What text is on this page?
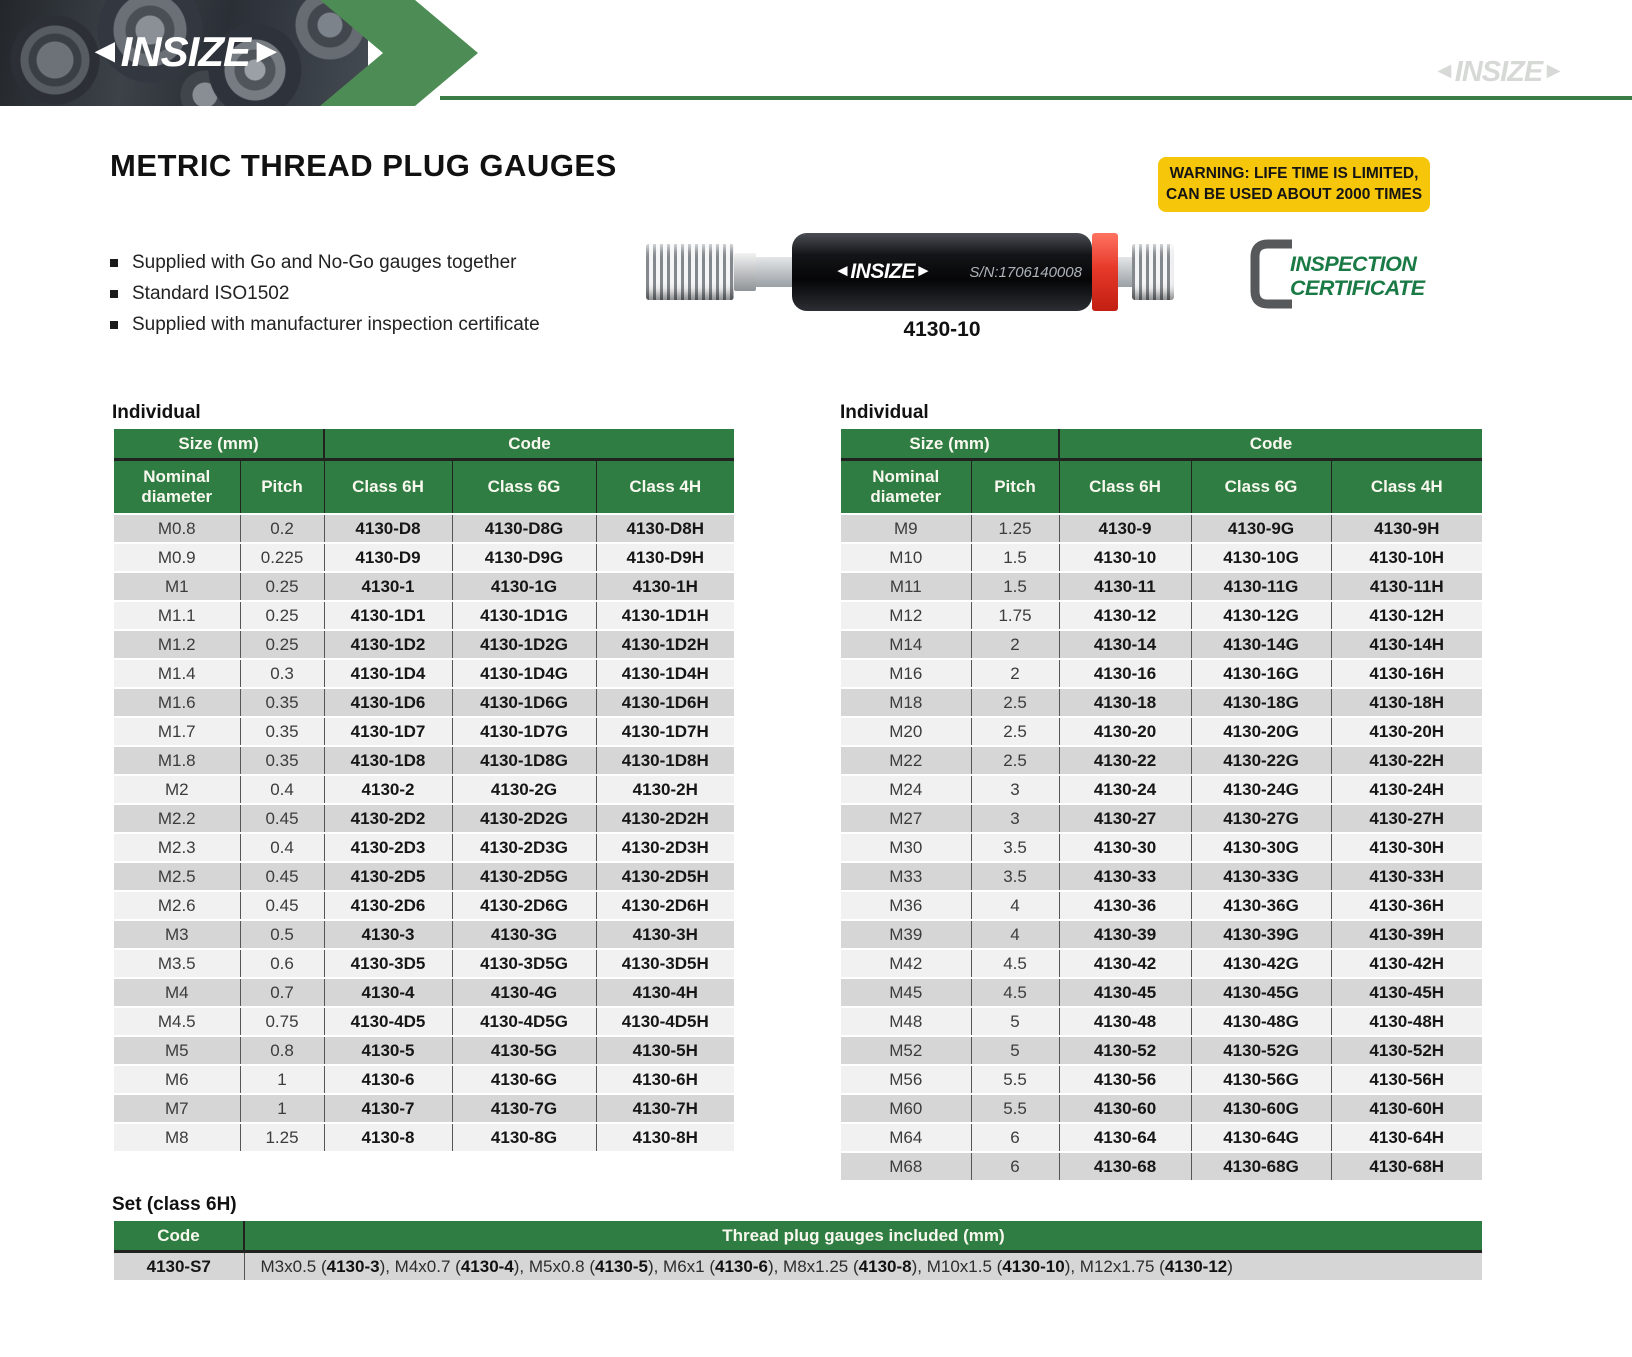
◄INSIZE►	◄INSIZE►
METRIC THREAD PLUG GAUGES	WARNING: LIFE TIME IS LIMITED,
CAN BE USED ABOUT 2000 TIMES
Supplied with Go and No-Go gauges together
Standard ISO1502
Supplied with manufacturer inspection certificate
◄INSIZE►	S/N:1706140008
4130-10
INSPECTION
CERTIFICATE
Individual
Size (mm)		Code		
Nominal diameter	Pitch	Class 6H	Class 6G	Class 4H
M0.8	0.2	4130-D8	4130-D8G	4130-D8H
M0.9	0.225	4130-D9	4130-D9G	4130-D9H
M1	0.25	4130-1	4130-1G	4130-1H
M1.1	0.25	4130-1D1	4130-1D1G	4130-1D1H
M1.2	0.25	4130-1D2	4130-1D2G	4130-1D2H
M1.4	0.3	4130-1D4	4130-1D4G	4130-1D4H
M1.6	0.35	4130-1D6	4130-1D6G	4130-1D6H
M1.7	0.35	4130-1D7	4130-1D7G	4130-1D7H
M1.8	0.35	4130-1D8	4130-1D8G	4130-1D8H
M2	0.4	4130-2	4130-2G	4130-2H
M2.2	0.45	4130-2D2	4130-2D2G	4130-2D2H
M2.3	0.4	4130-2D3	4130-2D3G	4130-2D3H
M2.5	0.45	4130-2D5	4130-2D5G	4130-2D5H
M2.6	0.45	4130-2D6	4130-2D6G	4130-2D6H
M3	0.5	4130-3	4130-3G	4130-3H
M3.5	0.6	4130-3D5	4130-3D5G	4130-3D5H
M4	0.7	4130-4	4130-4G	4130-4H
M4.5	0.75	4130-4D5	4130-4D5G	4130-4D5H
M5	0.8	4130-5	4130-5G	4130-5H
M6	1	4130-6	4130-6G	4130-6H
M7	1	4130-7	4130-7G	4130-7H
M8	1.25	4130-8	4130-8G	4130-8H
Individual
Size (mm)		Code		
Nominal diameter	Pitch	Class 6H	Class 6G	Class 4H
M9	1.25	4130-9	4130-9G	4130-9H
M10	1.5	4130-10	4130-10G	4130-10H
M11	1.5	4130-11	4130-11G	4130-11H
M12	1.75	4130-12	4130-12G	4130-12H
M14	2	4130-14	4130-14G	4130-14H
M16	2	4130-16	4130-16G	4130-16H
M18	2.5	4130-18	4130-18G	4130-18H
M20	2.5	4130-20	4130-20G	4130-20H
M22	2.5	4130-22	4130-22G	4130-22H
M24	3	4130-24	4130-24G	4130-24H
M27	3	4130-27	4130-27G	4130-27H
M30	3.5	4130-30	4130-30G	4130-30H
M33	3.5	4130-33	4130-33G	4130-33H
M36	4	4130-36	4130-36G	4130-36H
M39	4	4130-39	4130-39G	4130-39H
M42	4.5	4130-42	4130-42G	4130-42H
M45	4.5	4130-45	4130-45G	4130-45H
M48	5	4130-48	4130-48G	4130-48H
M52	5	4130-52	4130-52G	4130-52H
M56	5.5	4130-56	4130-56G	4130-56H
M60	5.5	4130-60	4130-60G	4130-60H
M64	6	4130-64	4130-64G	4130-64H
M68	6	4130-68	4130-68G	4130-68H
Set (class 6H)
Code	Thread plug gauges included (mm)
4130-S7	M3x0.5 (4130-3), M4x0.7 (4130-4), M5x0.8 (4130-5), M6x1 (4130-6), M8x1.25 (4130-8), M10x1.5 (4130-10), M12x1.75 (4130-12)
